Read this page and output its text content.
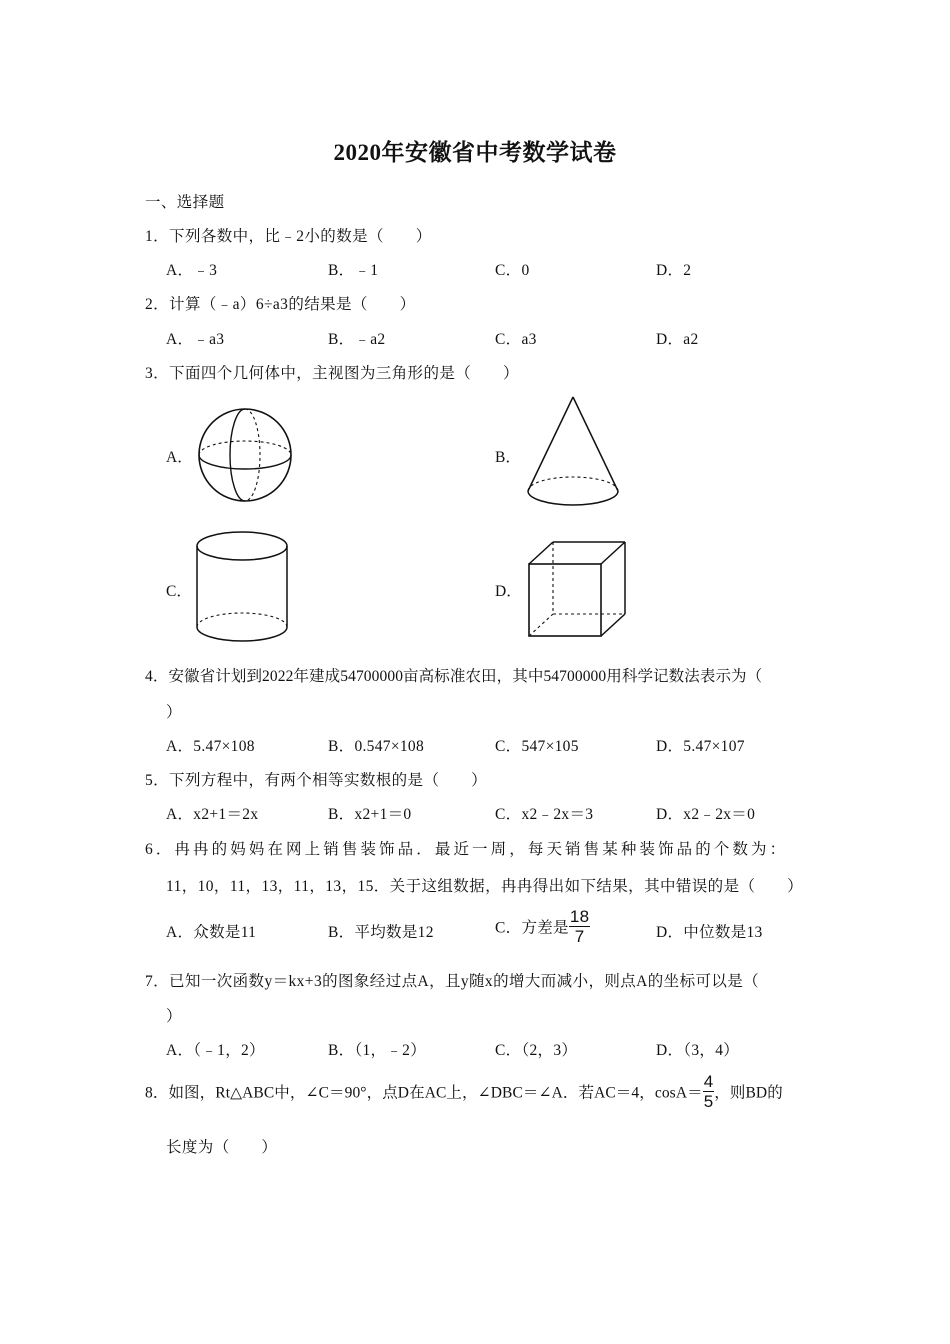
2020年安徽省中考数学试卷
一、选择题
1．下列各数中，比﹣2小的数是（　　）
A．﹣3	B．﹣1	C．0	D．2
2．计算（﹣a）6÷a3的结果是（　　）
A．﹣a3	B．﹣a2	C．a3	D．a2
3．下面四个几何体中，主视图为三角形的是（　　）
A．	B．
C．	D．
4．安徽省计划到2022年建成54700000亩高标准农田，其中54700000用科学记数法表示为（
）
A．5.47×108	B．0.547×108	C．547×105	D．5.47×107
5．下列方程中，有两个相等实数根的是（　　）
A．x2+1＝2x	B．x2+1＝0	C．x2﹣2x＝3	D．x2﹣2x＝0
6．冉冉的妈妈在网上销售装饰品．最近一周，每天销售某种装饰品的个数为：
11，10，11，13，11，13，15．关于这组数据，冉冉得出如下结果，其中错误的是（　　）
A．众数是11	B．平均数是12	C．方差是 $\frac{18}{7}$	D．中位数是13
7．已知一次函数y＝kx+3的图象经过点A，且y随x的增大而减小，则点A的坐标可以是（
）
A．（﹣1，2）	B．（1，﹣2）	C．（2，3）	D．（3，4）
8．如图，Rt△ABC中，∠C＝90°，点D在AC上，∠DBC＝∠A．若AC＝4，$\cos A= \frac{4}{5}$ ，则BD的
长度为（　　）
